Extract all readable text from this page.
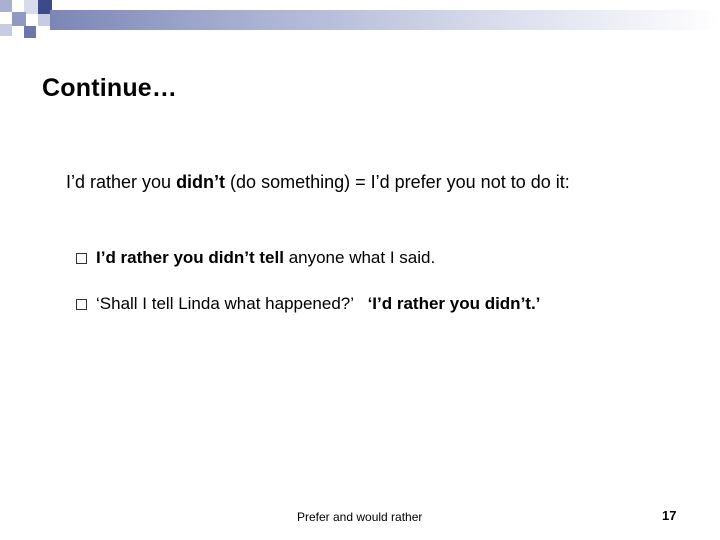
Continue…
I’d rather you didn’t (do something) = I’d prefer you not to do it:
I’d rather you didn’t tell anyone what I said.
‘Shall I tell Linda what happened?’   ‘I’d rather you didn’t.’
Prefer and would rather	17
